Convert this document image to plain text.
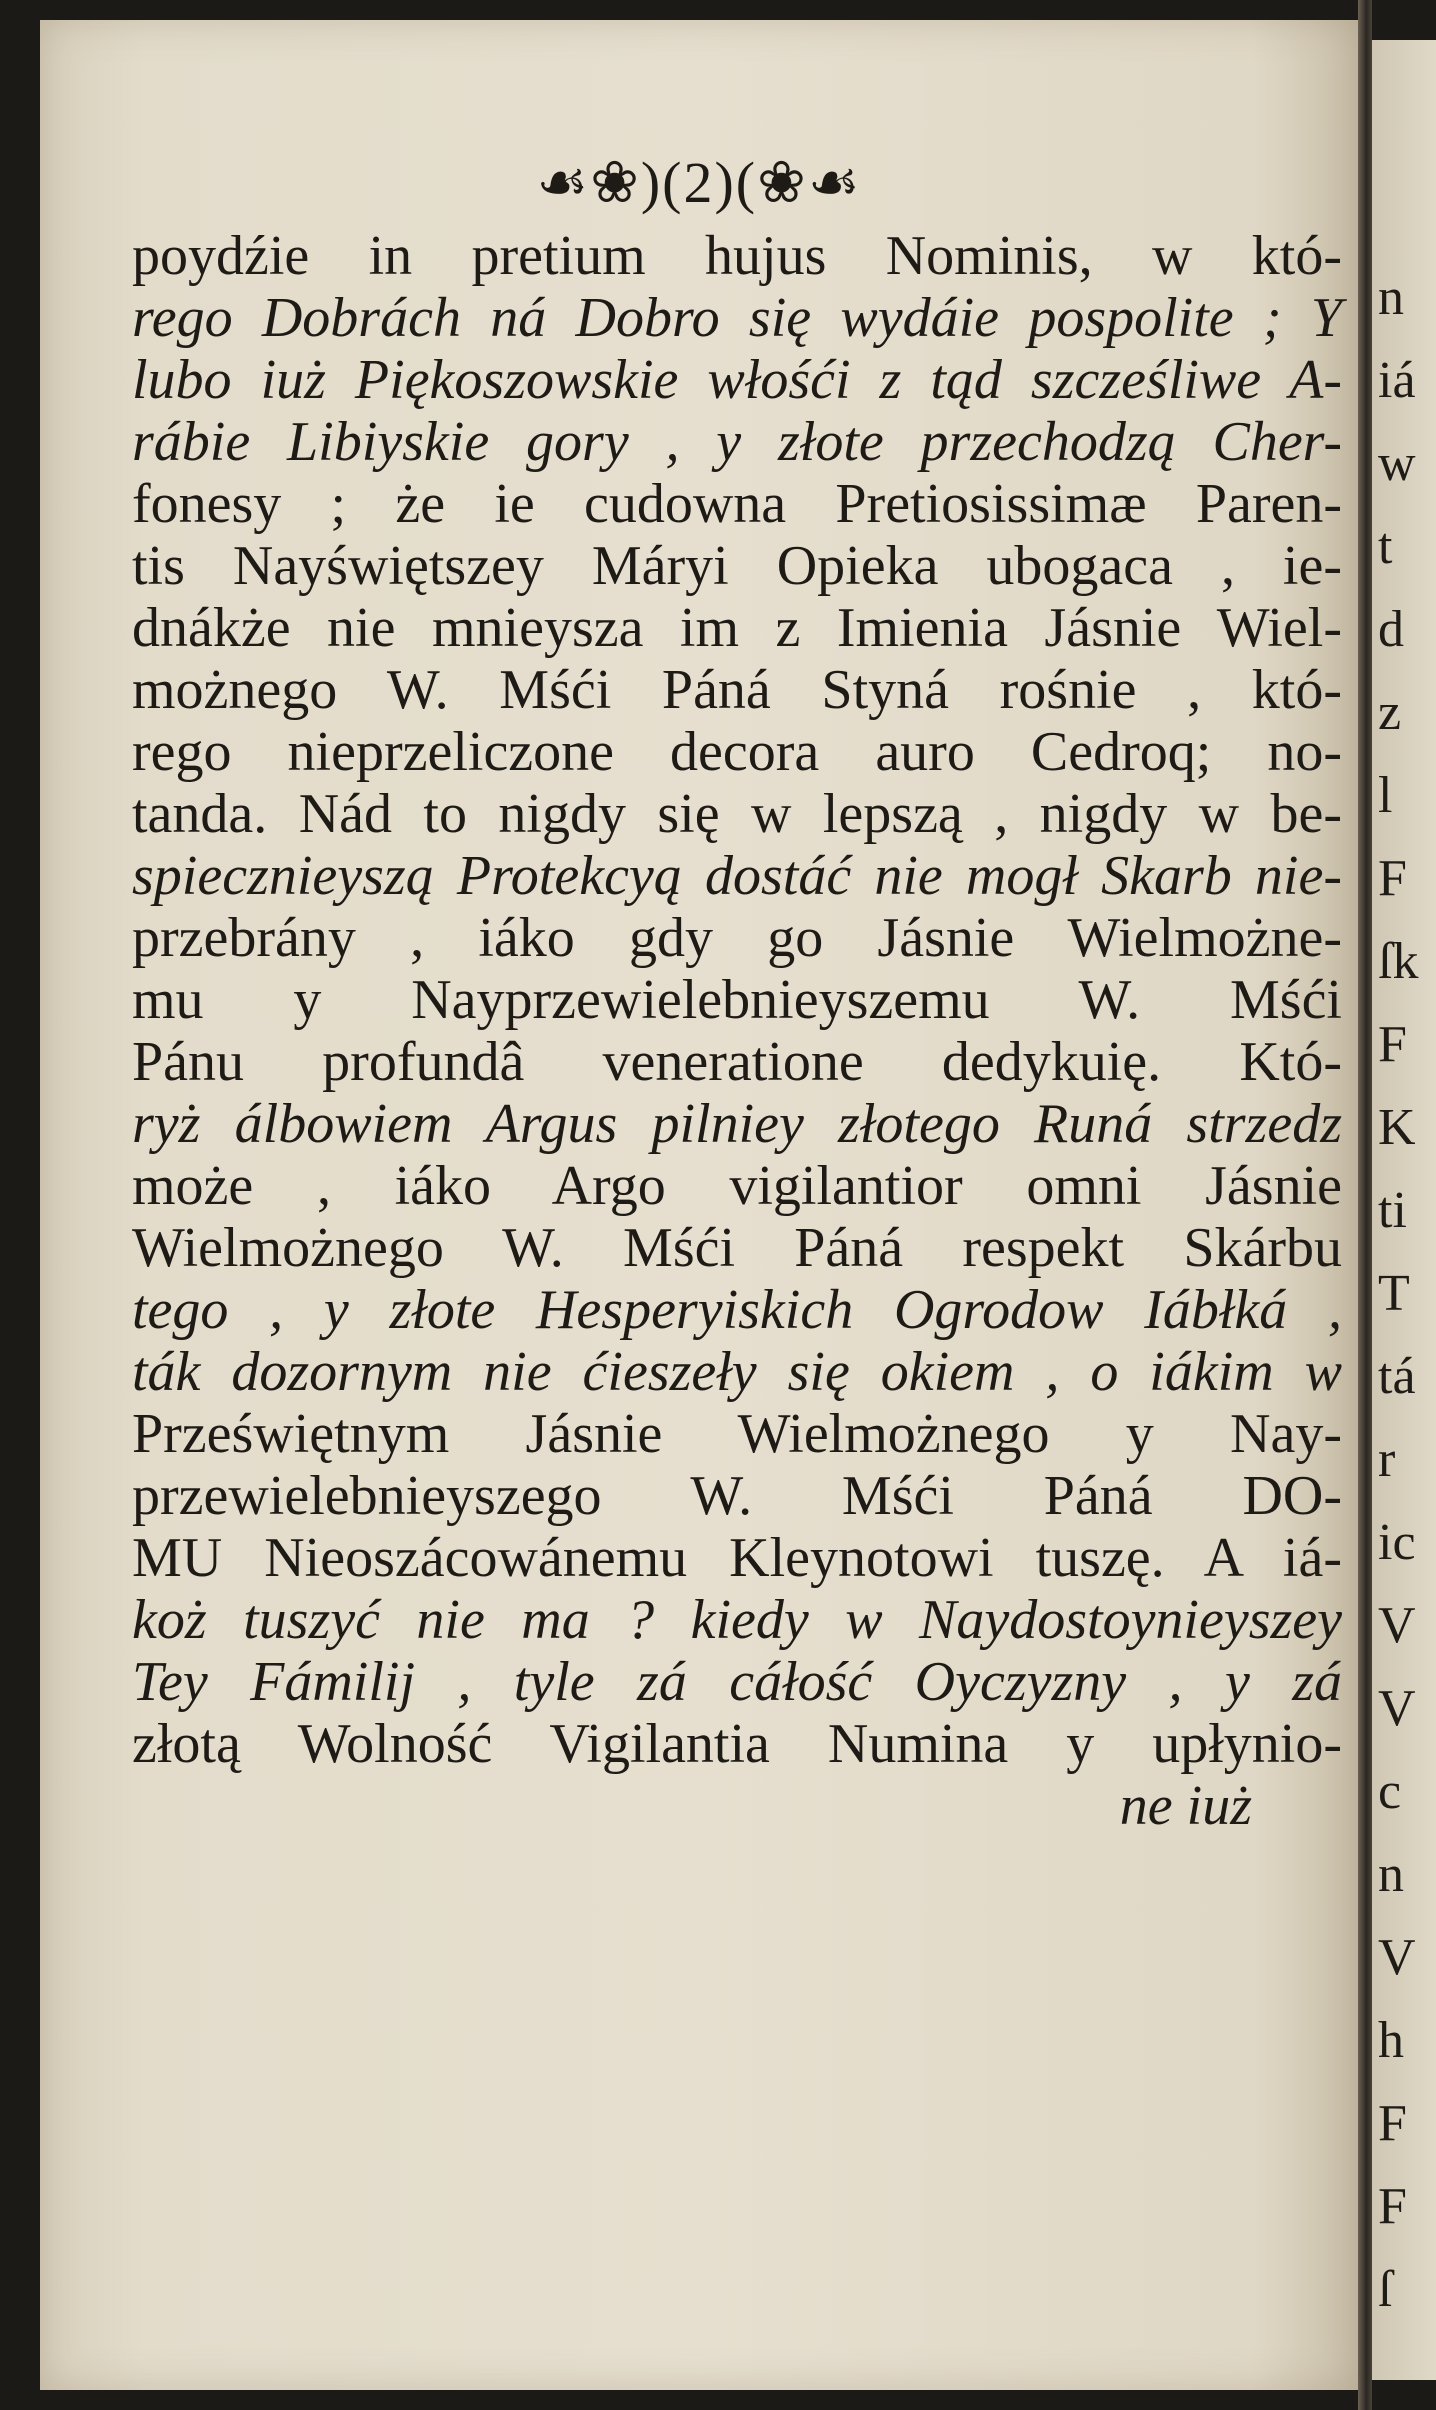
☙❀)(2)(❀☙
poydźie in pretium hujus Nominis, w któ-
rego Dobrách ná Dobro się wydáie pospolite ; Y
lubo iuż Piękoszowskie włośći z tąd szcześliwe A-
rábie Libiyskie gory , y złote przechodzą Cher-
fonesy ; że ie cudowna Pretiosissimæ Paren-
tis Nayświętszey Máryi Opieka ubogaca , ie-
dnákże nie mnieysza im z Imienia Jásnie Wiel-
możnego W. Mśći Páná Styná rośnie , któ-
rego nieprzeliczone decora auro Cedroq; no-
tanda. Nád to nigdy się w lepszą , nigdy w be-
spiecznieyszą Protekcyą dostáć nie mogł Skarb nie-
przebrány , iáko gdy go Jásnie Wielmożne-
mu y Nayprzewielebnieyszemu W. Mśći
Pánu profundâ veneratione dedykuię. Któ-
ryż álbowiem Argus pilniey złotego Runá strzedz
może , iáko Argo vigilantior omni Jásnie
Wielmożnego W. Mśći Páná respekt Skárbu
tego , y złote Hesperyiskich Ogrodow Iábłká ,
ták dozornym nie ćieszeły się okiem , o iákim w
Przeświętnym Jásnie Wielmożnego y Nay-
przewielebnieyszego W. Mśći Páná DO-
MU Nieoszácowánemu Kleynotowi tuszę. A iá-
koż tuszyć nie ma ? kiedy w Naydostoynieyszey
Tey Fámilij , tyle zá cáłość Oyczyzny , y zá
złotą Wolność Vigilantia Numina y upłynio-
ne iuż
n
iá
w
t
d
z
l
F
ſk
F
K
ti
T
tá
r
ic
V
V
c
n
V
h
F
F
ſ
